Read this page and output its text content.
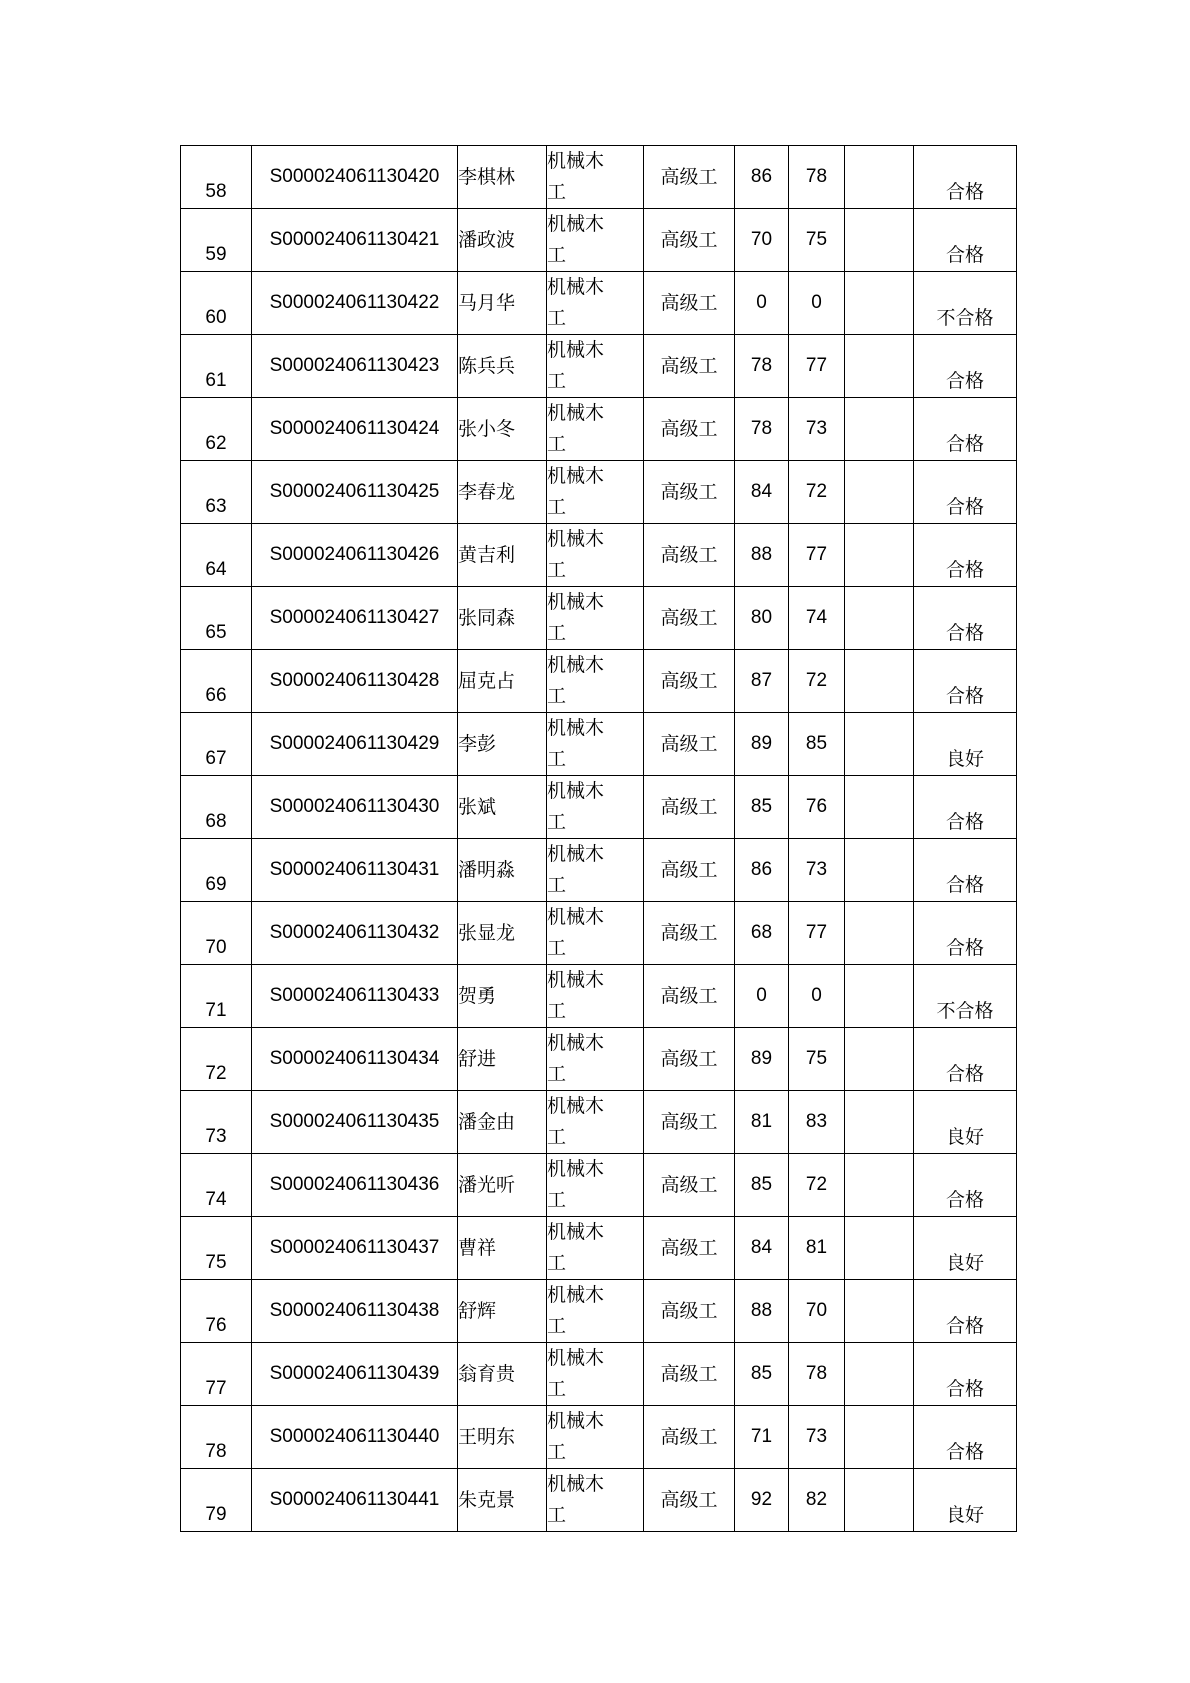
58	S000024061130420	李棋林	机械木工	高级工	86	78		合格
59	S000024061130421	潘政波	机械木工	高级工	70	75		合格
60	S000024061130422	马月华	机械木工	高级工	0	0		不合格
61	S000024061130423	陈兵兵	机械木工	高级工	78	77		合格
62	S000024061130424	张小冬	机械木工	高级工	78	73		合格
63	S000024061130425	李春龙	机械木工	高级工	84	72		合格
64	S000024061130426	黄吉利	机械木工	高级工	88	77		合格
65	S000024061130427	张同森	机械木工	高级工	80	74		合格
66	S000024061130428	屈克占	机械木工	高级工	87	72		合格
67	S000024061130429	李彭	机械木工	高级工	89	85		良好
68	S000024061130430	张斌	机械木工	高级工	85	76		合格
69	S000024061130431	潘明淼	机械木工	高级工	86	73		合格
70	S000024061130432	张显龙	机械木工	高级工	68	77		合格
71	S000024061130433	贺勇	机械木工	高级工	0	0		不合格
72	S000024061130434	舒进	机械木工	高级工	89	75		合格
73	S000024061130435	潘金由	机械木工	高级工	81	83		良好
74	S000024061130436	潘光听	机械木工	高级工	85	72		合格
75	S000024061130437	曹祥	机械木工	高级工	84	81		良好
76	S000024061130438	舒辉	机械木工	高级工	88	70		合格
77	S000024061130439	翁育贵	机械木工	高级工	85	78		合格
78	S000024061130440	王明东	机械木工	高级工	71	73		合格
79	S000024061130441	朱克景	机械木工	高级工	92	82		良好
